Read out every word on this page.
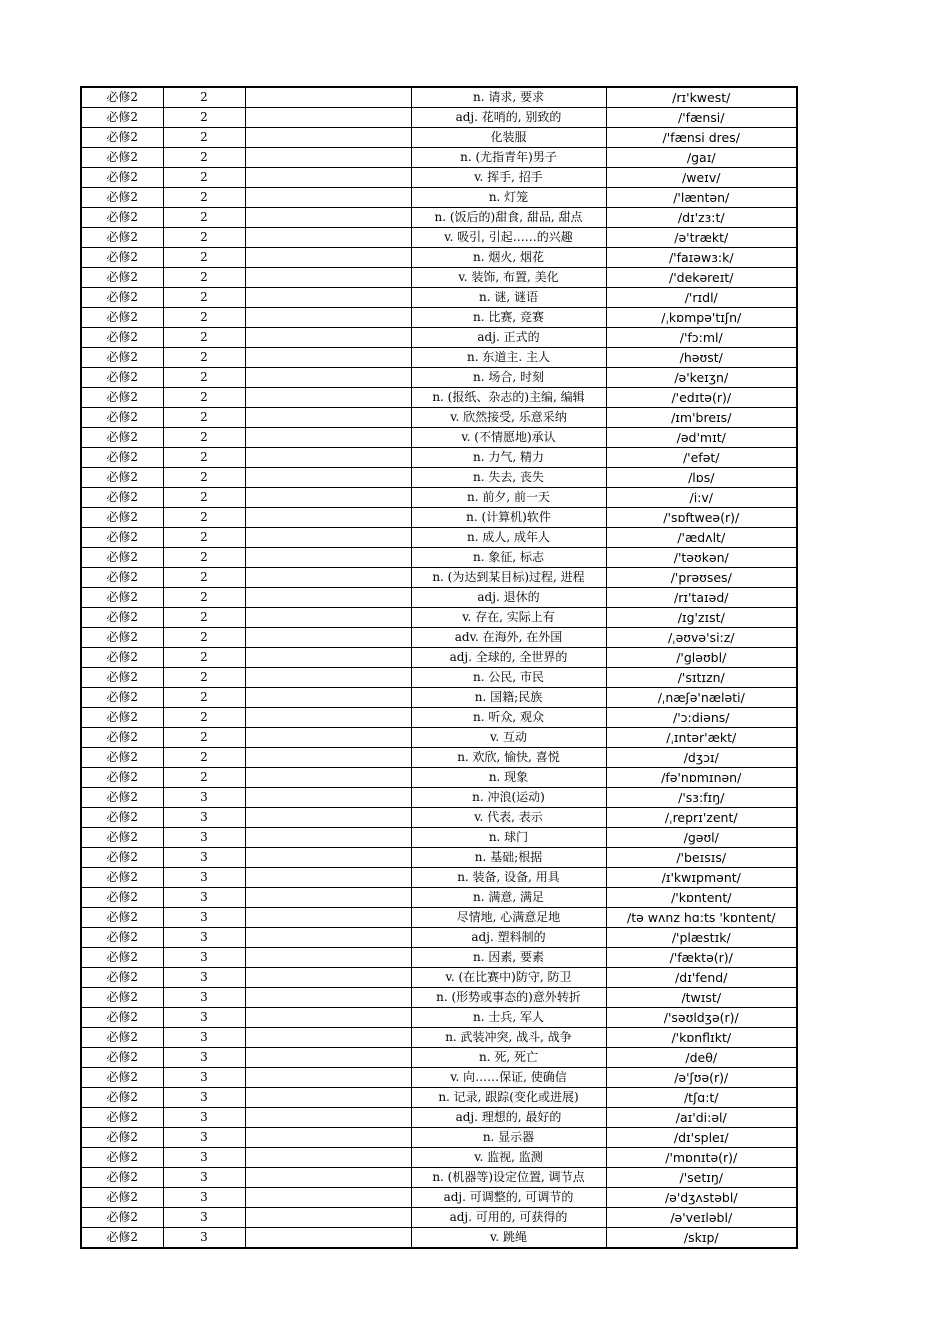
必修2	2		n. 请求, 要求	/rɪ'kwest/
必修2	2		adj. 花哨的, 别致的	/'fænsi/
必修2	2		化装服	/'fænsi dres/
必修2	2		n. (尤指青年)男子	/gaɪ/
必修2	2		v. 挥手, 招手	/weɪv/
必修2	2		n. 灯笼	/'læntən/
必修2	2		n. (饭后的)甜食, 甜品, 甜点	/dɪ'zɜ:t/
必修2	2		v. 吸引, 引起……的兴趣	/ə'trækt/
必修2	2		n. 烟火, 烟花	/'faɪəwɜ:k/
必修2	2		v. 装饰, 布置, 美化	/'dekəreɪt/
必修2	2		n. 谜, 谜语	/'rɪdl/
必修2	2		n. 比赛, 竞赛	/ˌkɒmpə'tɪʃn/
必修2	2		adj. 正式的	/'fɔ:ml/
必修2	2		n. 东道主. 主人	/həʊst/
必修2	2		n. 场合, 时刻	/ə'keɪʒn/
必修2	2		n. (报纸、杂志的)主编, 编辑	/'edɪtə(r)/
必修2	2		v. 欣然接受, 乐意采纳	/ɪm'breɪs/
必修2	2		v. (不情愿地)承认	/əd'mɪt/
必修2	2		n. 力气, 精力	/'efət/
必修2	2		n. 失去, 丧失	/lɒs/
必修2	2		n. 前夕, 前一天	/i:v/
必修2	2		n. (计算机)软件	/'sɒftweə(r)/
必修2	2		n. 成人, 成年人	/'ædʌlt/
必修2	2		n. 象征, 标志	/'təʊkən/
必修2	2		n. (为达到某目标)过程, 进程	/'prəʊses/
必修2	2		adj. 退休的	/rɪ'taɪəd/
必修2	2		v. 存在, 实际上有	/ɪg'zɪst/
必修2	2		adv. 在海外, 在外国	/ˌəʊvə'si:z/
必修2	2		adj. 全球的, 全世界的	/'gləʊbl/
必修2	2		n. 公民, 市民	/'sɪtɪzn/
必修2	2		n. 国籍;民族	/ˌnæʃə'næləti/
必修2	2		n. 听众, 观众	/'ɔ:diəns/
必修2	2		v. 互动	/ˌɪntər'ækt/
必修2	2		n. 欢欣, 愉快, 喜悦	/dʒɔɪ/
必修2	2		n. 现象	/fə'nɒmɪnən/
必修2	3		n. 冲浪(运动)	/'sɜ:fɪŋ/
必修2	3		v. 代表, 表示	/ˌreprɪ'zent/
必修2	3		n. 球门	/gəʊl/
必修2	3		n. 基础;根据	/'beɪsɪs/
必修2	3		n. 装备, 设备, 用具	/ɪ'kwɪpmənt/
必修2	3		n. 满意, 满足	/'kɒntent/
必修2	3		尽情地, 心满意足地	/tə wʌnz hɑ:ts 'kɒntent/
必修2	3		adj. 塑料制的	/'plæstɪk/
必修2	3		n. 因素, 要素	/'fæktə(r)/
必修2	3		v. (在比赛中)防守, 防卫	/dɪ'fend/
必修2	3		n. (形势或事态的)意外转折	/twɪst/
必修2	3		n. 士兵, 军人	/'səʊldʒə(r)/
必修2	3		n. 武装冲突, 战斗, 战争	/'kɒnflɪkt/
必修2	3		n. 死, 死亡	/deθ/
必修2	3		v. 向……保证, 使确信	/ə'ʃʊə(r)/
必修2	3		n. 记录, 跟踪(变化或进展)	/tʃɑ:t/
必修2	3		adj. 理想的, 最好的	/aɪ'di:əl/
必修2	3		n. 显示器	/dɪ'spleɪ/
必修2	3		v. 监视, 监测	/'mɒnɪtə(r)/
必修2	3		n. (机器等)设定位置, 调节点	/'setɪŋ/
必修2	3		adj. 可调整的, 可调节的	/ə'dʒʌstəbl/
必修2	3		adj. 可用的, 可获得的	/ə'veɪləbl/
必修2	3		v. 跳绳	/skɪp/
